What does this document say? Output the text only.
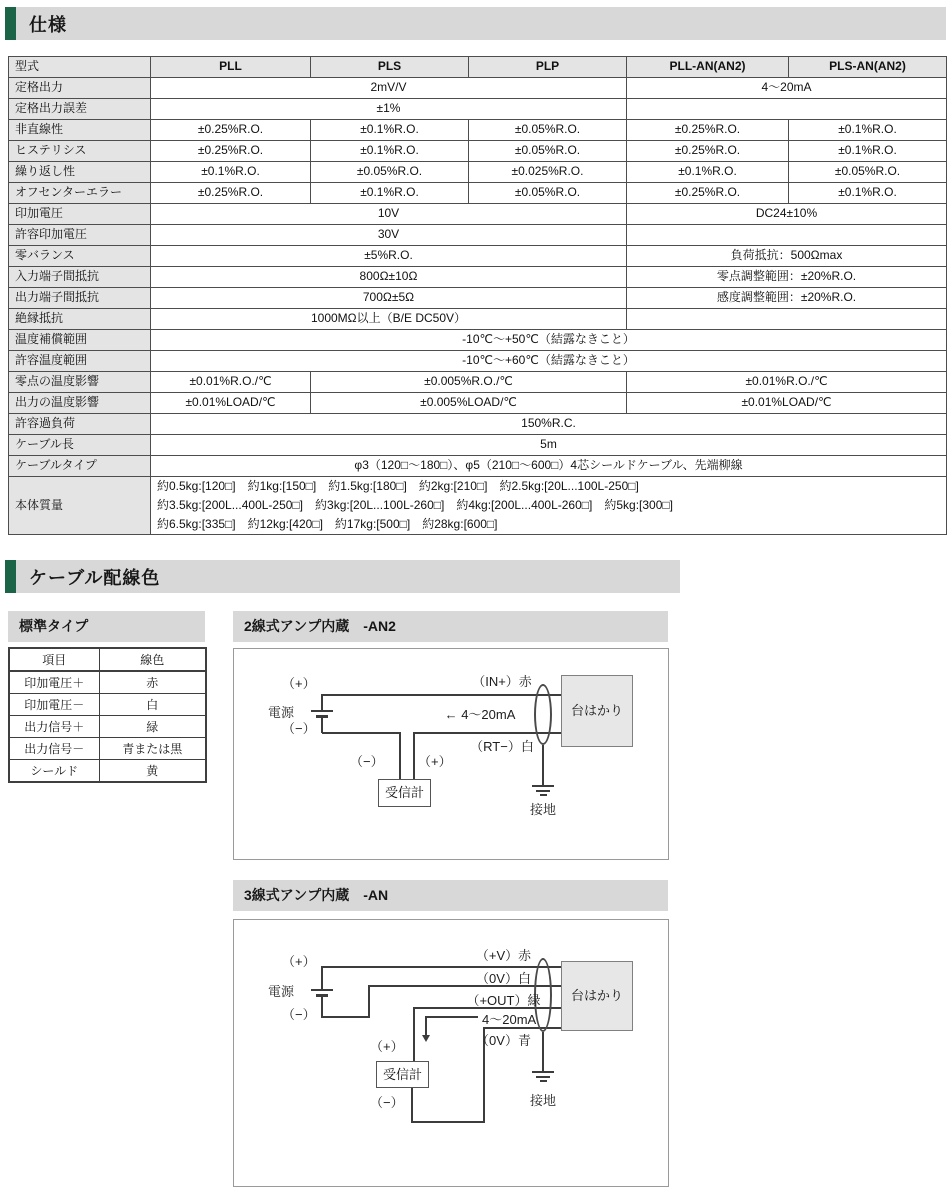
仕様
型式	PLL	PLS	PLP	PLL-AN(AN2)	PLS-AN(AN2)
定格出力	2mV/V			4～20mA	
定格出力誤差	±1%				
非直線性	±0.25%R.O.	±0.1%R.O.	±0.05%R.O.	±0.25%R.O.	±0.1%R.O.
ヒステリシス	±0.25%R.O.	±0.1%R.O.	±0.05%R.O.	±0.25%R.O.	±0.1%R.O.
繰り返し性	±0.1%R.O.	±0.05%R.O.	±0.025%R.O.	±0.1%R.O.	±0.05%R.O.
オフセンターエラー	±0.25%R.O.	±0.1%R.O.	±0.05%R.O.	±0.25%R.O.	±0.1%R.O.
印加電圧	10V			DC24±10%	
許容印加電圧	30V				
零バランス	±5%R.O.			負荷抵抗：500Ωmax	
入力端子間抵抗	800Ω±10Ω			零点調整範囲：±20%R.O.	
出力端子間抵抗	700Ω±5Ω			感度調整範囲：±20%R.O.	
絶縁抵抗	1000MΩ以上（B/E DC50V）				
温度補償範囲	-10℃～+50℃（結露なきこと）				
許容温度範囲	-10℃～+60℃（結露なきこと）				
零点の温度影響	±0.01%R.O./℃	±0.005%R.O./℃		±0.01%R.O./℃	
出力の温度影響	±0.01%LOAD/℃	±0.005%LOAD/℃		±0.01%LOAD/℃	
許容過負荷	150%R.C.				
ケーブル長	5m				
ケーブルタイプ	φ3（120□～180□）、φ5（210□～600□）4芯シールドケーブル、先端柳線				
本体質量	約0.5kg:[120□]　約1kg:[150□]　約1.5kg:[180□]　約2kg:[210□]　約2.5kg:[20L...100L-250□]
約3.5kg:[200L...400L-250□]　約3kg:[20L...100L-260□]　約4kg:[200L...400L-260□]　約5kg:[300□]
約6.5kg:[335□]　約12kg:[420□]　約17kg:[500□]　約28kg:[600□]				
ケーブル配線色
標準タイプ	2線式アンプ内蔵　-AN2
項目	線色
印加電圧＋	赤
印加電圧－	白
出力信号＋	緑
出力信号－	青または黒
シールド	黄
台はかり
受信計
（+）
電源
（−）
（IN+）赤
← 4～20mA
（RT−）白
（−）	（+）
接地
3線式アンプ内蔵　-AN
台はかり
受信計
（+）
電源
（−）
（+V）赤
（0V）白
（+OUT）緑
4～20mA
（0V）青
（+）
（−）	接地
